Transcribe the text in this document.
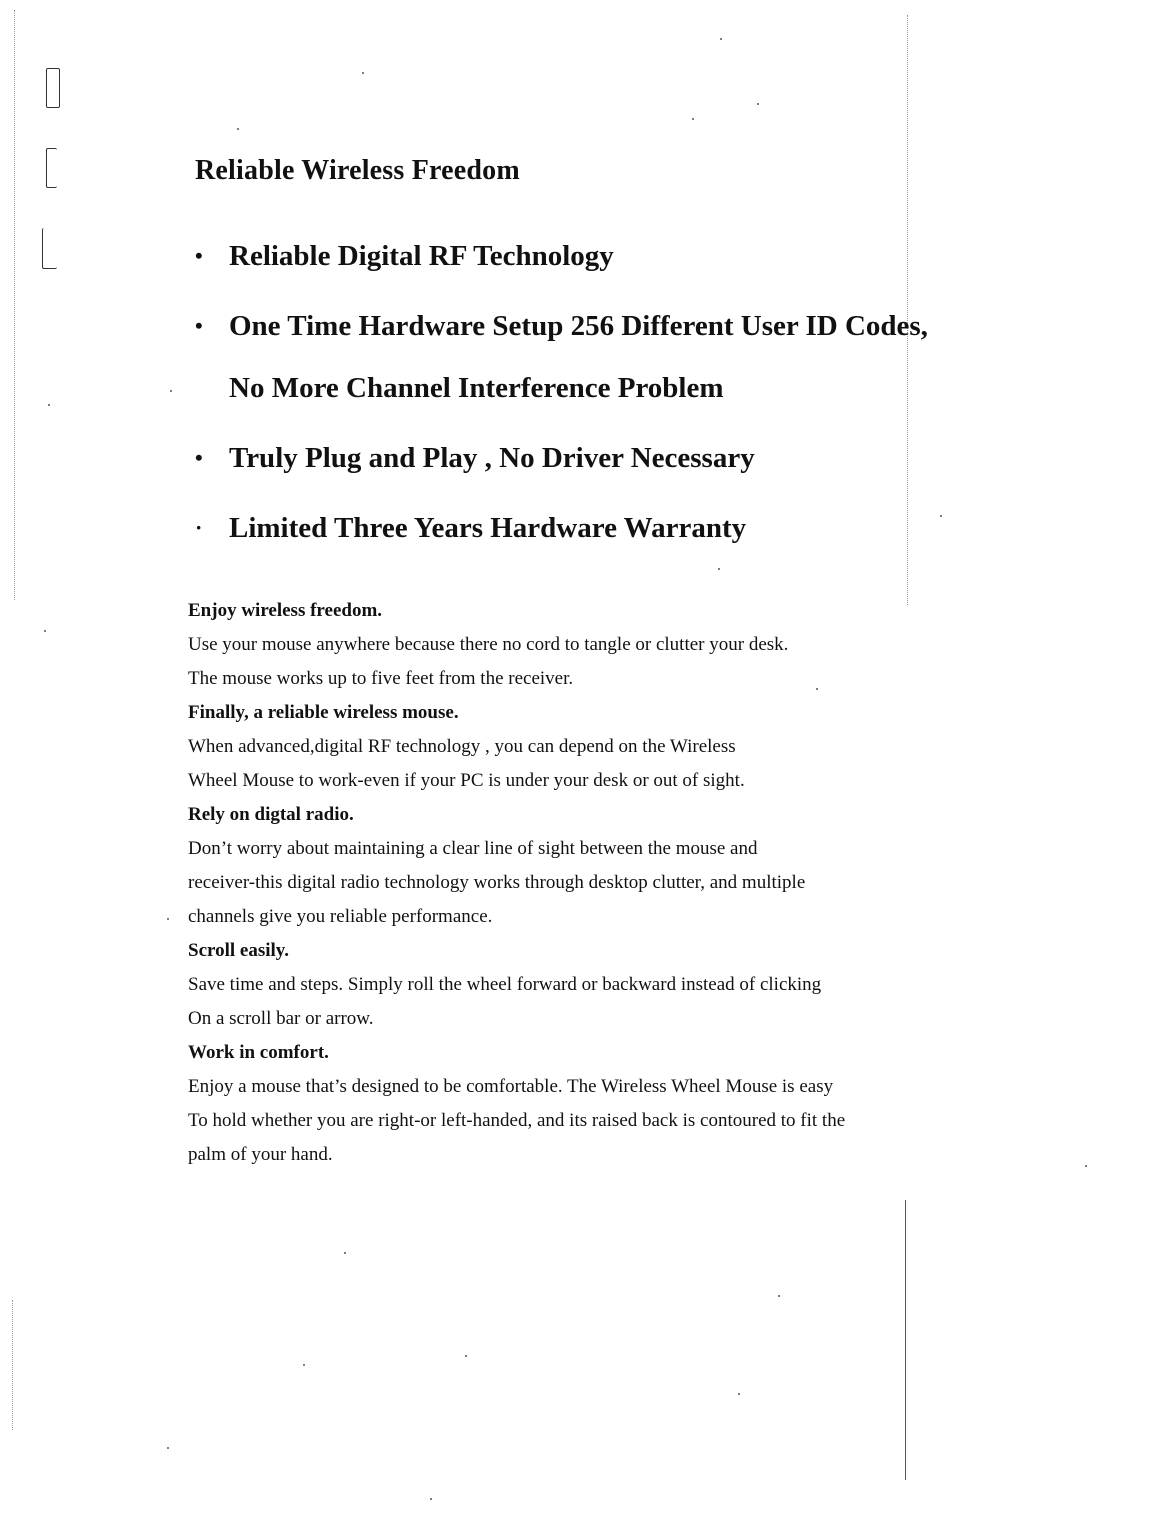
Reliable Wireless Freedom
• Reliable Digital RF Technology
• One Time Hardware Setup 256 Different User ID Codes,
No More Channel Interference Problem
• Truly Plug and Play , No Driver Necessary
· Limited Three Years Hardware Warranty

Enjoy wireless freedom.

Use your mouse anywhere because there no cord to tangle or clutter your desk.

The mouse works up to five feet from the receiver.

Finally, a reliable wireless mouse.

When advanced,digital RF technology , you can depend on the Wireless

Wheel Mouse to work-even if your PC is under your desk or out of sight.

Rely on digtal radio.

Don’t worry about maintaining a clear line of sight between the mouse and

receiver-this digital radio technology works through desktop clutter, and multiple

channels give you reliable performance.

Scroll easily.

Save time and steps. Simply roll the wheel forward or backward instead of clicking

On a scroll bar or arrow.

Work in comfort.

Enjoy a mouse that’s designed to be comfortable. The Wireless Wheel Mouse is easy

To hold whether you are right-or left-handed, and its raised back is contoured to fit the

palm of your hand.
